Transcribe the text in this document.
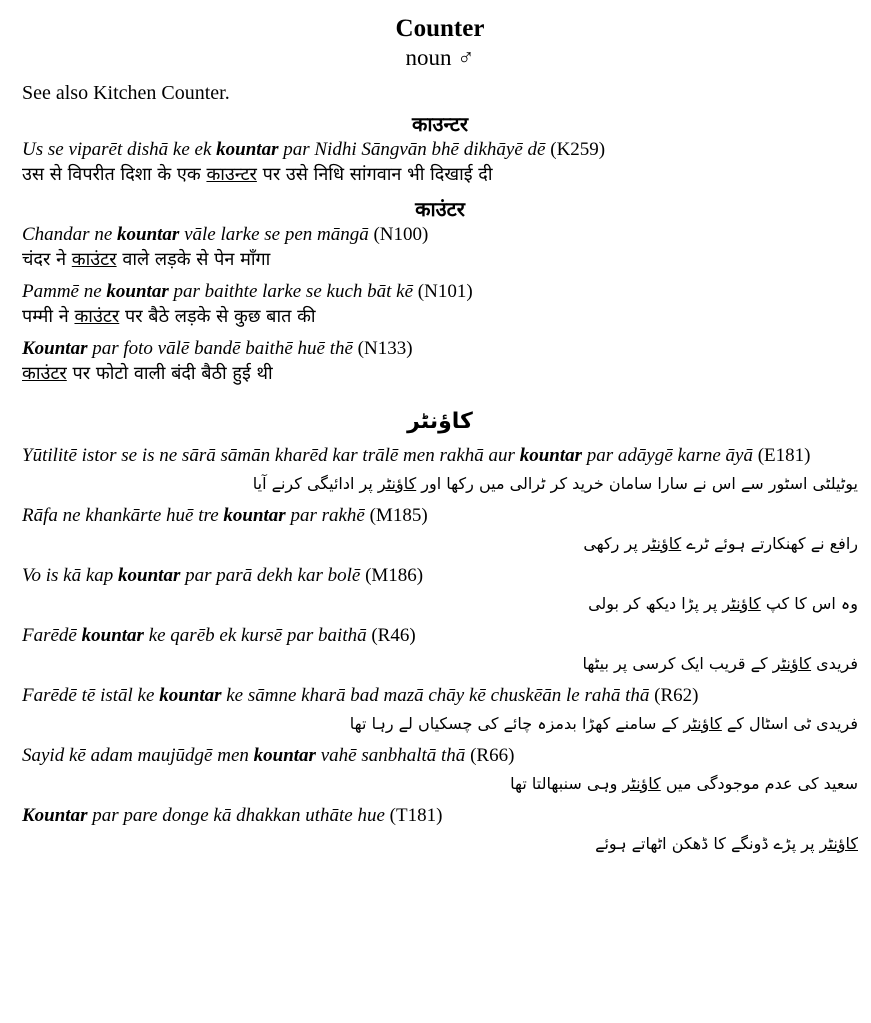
Counter

noun ♂

See also Kitchen Counter.

काउन्टर

Us se viparēt dishā ke ek kountar par Nidhi Sāngvān bhē dikhāyē dē (K259)

उस से विपरीत दिशा के एक काउन्टर पर उसे निधि सांगवान भी दिखाई दी

काउंटर

Chandar ne kountar vāle larke se pen māngā (N100)

चंदर ने काउंटर वाले लड़के से पेन माँगा

Pammē ne kountar par baithte larke se kuch bāt kē (N101)

पम्मी ने काउंटर पर बैठे लड़के से कुछ बात की

Kountar par foto vālē bandē baithē huē thē (N133)

काउंटर पर फोटो वाली बंदी बैठी हुई थी

کاؤنٹر

Yūtilitē istor se is ne sārā sāmān kharēd kar trālē men rakhā aur kountar par adāygē karne āyā (E181)

یوٹیلٹی اسٹور سے اس نے سارا سامان خرید کر ٹرالی میں رکھا اور کاؤنٹر پر ادائیگی کرنے آیا

Rāfa ne khankārte huē tre kountar par rakhē (M185)

رافع نے کھنکارتے ہوئے ٹرے کاؤنٹر پر رکھی

Vo is kā kap kountar par parā dekh kar bolē (M186)

وہ اس کا کپ کاؤنٹر پر پڑا دیکھ کر بولی

Farēdē kountar ke qarēb ek kursē par baithā (R46)

فریدی کاؤنٹر کے قریب ایک کرسی پر بیٹھا

Farēdē tē istāl ke kountar ke sāmne kharā bad mazā chāy kē chuskēān le rahā thā (R62)

فریدی ٹی اسٹال کے کاؤنٹر کے سامنے کھڑا بدمزہ چائے کی چسکیاں لے رہا تھا

Sayid kē adam maujūdgē men kountar vahē sanbhaltā thā (R66)

سعید کی عدم موجودگی میں کاؤنٹر وہی سنبھالتا تھا

Kountar par pare donge kā dhakkan uthāte hue (T181)

کاؤنٹر پر پڑے ڈونگے کا ڈھکن اٹھاتے ہوئے
